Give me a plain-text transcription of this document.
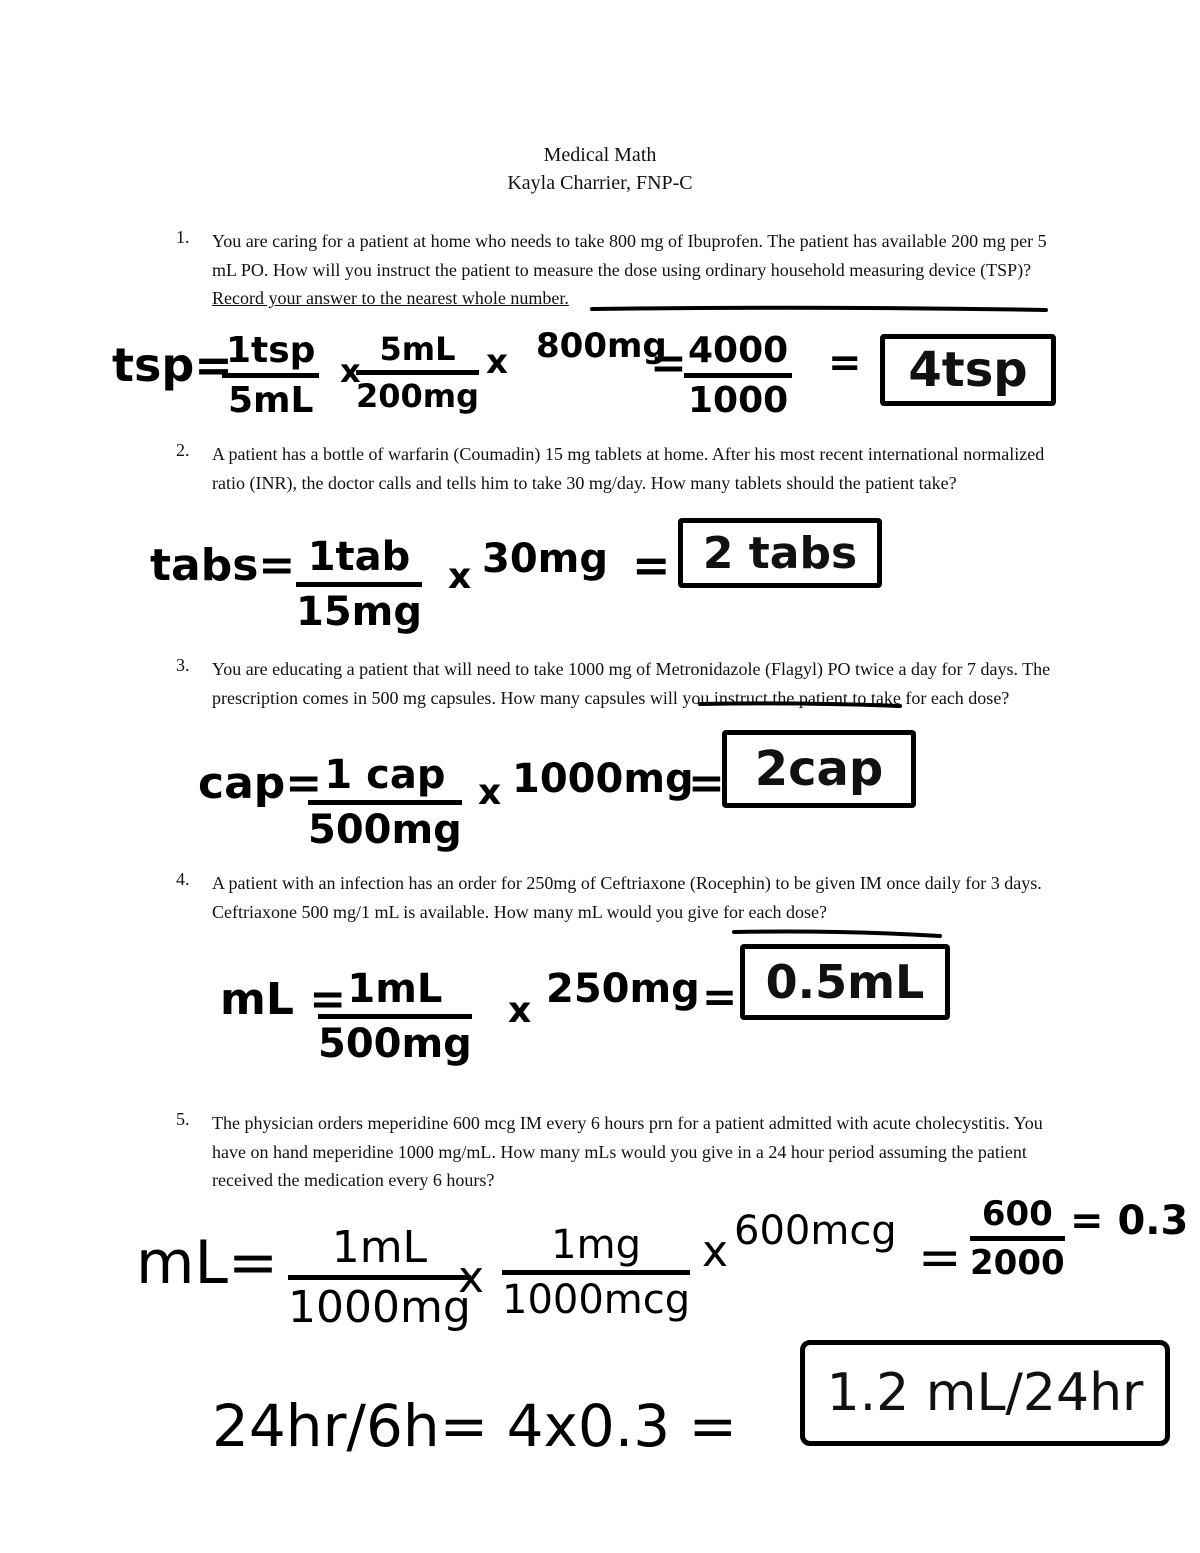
Medical Math
Kayla Charrier, FNP-C
1. You are caring for a patient at home who needs to take 800 mg of Ibuprofen. The patient has available 200 mg per 5 mL PO. How will you instruct the patient to measure the dose using ordinary household measuring device (TSP)? Record your answer to the nearest whole number.
tsp=
1tsp
5mL
x
$\frac{5mL}{200mg}$ x 800mg
=
$\frac{4000}{1000} = 4tsp$
2. A patient has a bottle of warfarin (Coumadin) 15 mg tablets at home. After his most recent international normalized ratio (INR), the doctor calls and tells him to take 30 mg/day. How many tablets should the patient take?
tabs= 1tab
15mg
x 30mg = 2 tabs
3. You are educating a patient that will need to take 1000 mg of Metronidazole (Flagyl) PO twice a day for 7 days. The prescription comes in 500 mg capsules. How many capsules will you instruct the patient to take for each dose?
cap= 1 cap
500mg
x 1000mg
= 2cap
4. A patient with an infection has an order for 250mg of Ceftriaxone (Rocephin) to be given IM once daily for 3 days. Ceftriaxone 500 mg/1 mL is available. How many mL would you give for each dose?
mL =
$\frac{1mL}{500mg}$ x 250mg = 0.5mL
5. The physician orders meperidine 600 mcg IM every 6 hours prn for a patient admitted with acute cholecystitis. You have on hand meperidine 1000 mg/mL. How many mLs would you give in a 24 hour period assuming the patient received the medication every 6 hours?
$mL= \frac{1mL}{1000mg}$
x
1mg
1000mcg
x $600mcg = \frac{600}{2000} = 0.3$
24hr/6h= 4x0.3 =	1.2 mL/24hr
